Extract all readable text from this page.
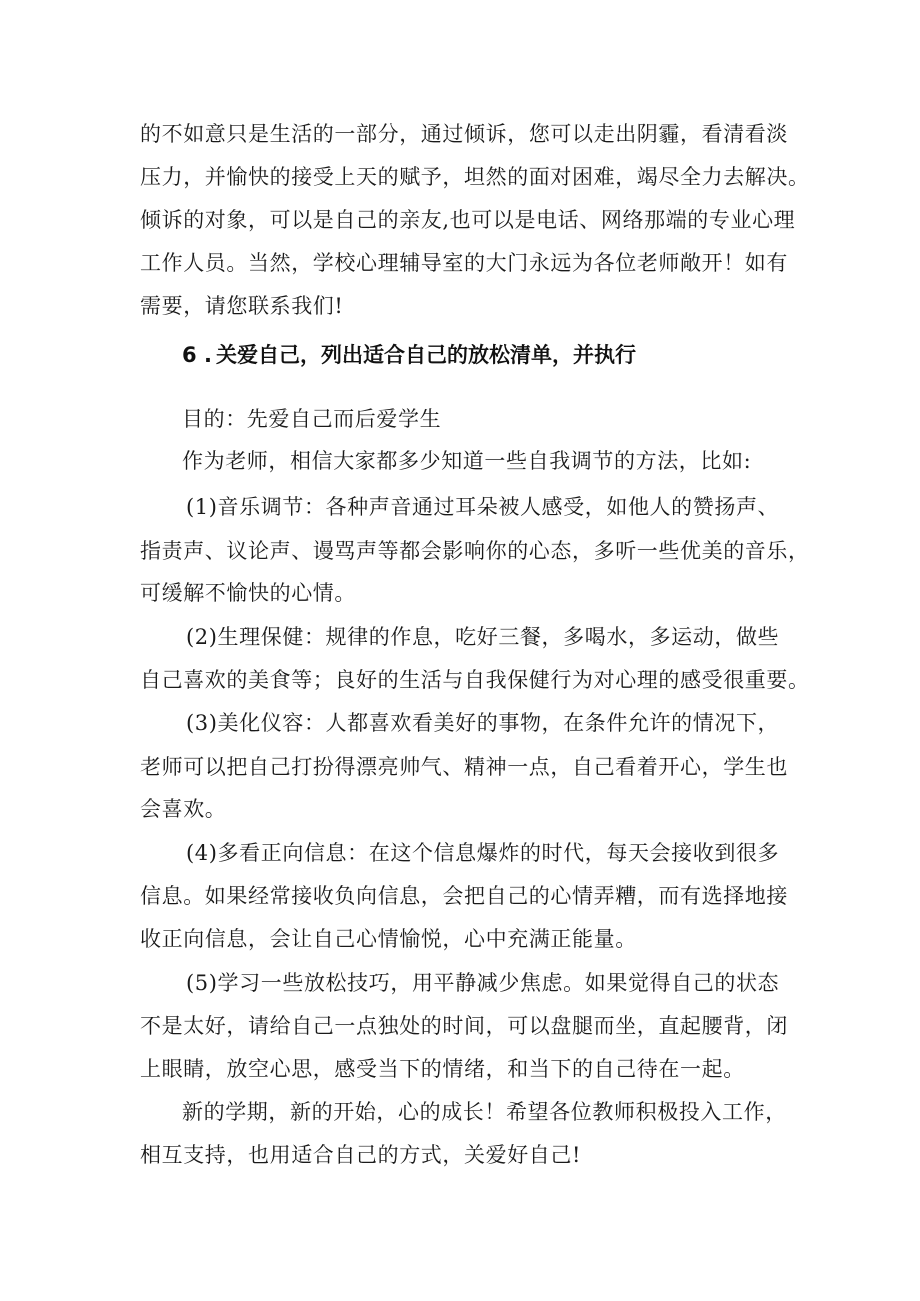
的不如意只是生活的一部分，通过倾诉，您可以走出阴霾，看清看淡
压力，并愉快的接受上天的赋予，坦然的面对困难，竭尽全力去解决。
倾诉的对象，可以是自己的亲友,也可以是电话、网络那端的专业心理
工作人员。当然，学校心理辅导室的大门永远为各位老师敞开！如有
需要，请您联系我们!
6 . 关爱自己，列出适合自己的放松清单，并执行
目的：先爱自己而后爱学生
作为老师，相信大家都多少知道一些自我调节的方法，比如:
(1)音乐调节：各种声音通过耳朵被人感受，如他人的赞扬声、
指责声、议论声、谩骂声等都会影响你的心态，多听一些优美的音乐，
可缓解不愉快的心情。
(2)生理保健：规律的作息，吃好三餐，多喝水，多运动，做些
自己喜欢的美食等；良好的生活与自我保健行为对心理的感受很重要。
(3)美化仪容：人都喜欢看美好的事物，在条件允许的情况下，
老师可以把自己打扮得漂亮帅气、精神一点，自己看着开心，学生也
会喜欢。
(4)多看正向信息：在这个信息爆炸的时代，每天会接收到很多
信息。如果经常接收负向信息，会把自己的心情弄糟，而有选择地接
收正向信息，会让自己心情愉悦，心中充满正能量。
(5)学习一些放松技巧，用平静减少焦虑。如果觉得自己的状态
不是太好，请给自己一点独处的时间，可以盘腿而坐，直起腰背，闭
上眼睛，放空心思，感受当下的情绪，和当下的自己待在一起。
新的学期，新的开始，心的成长！希望各位教师积极投入工作，
相互支持，也用适合自己的方式，关爱好自己!
